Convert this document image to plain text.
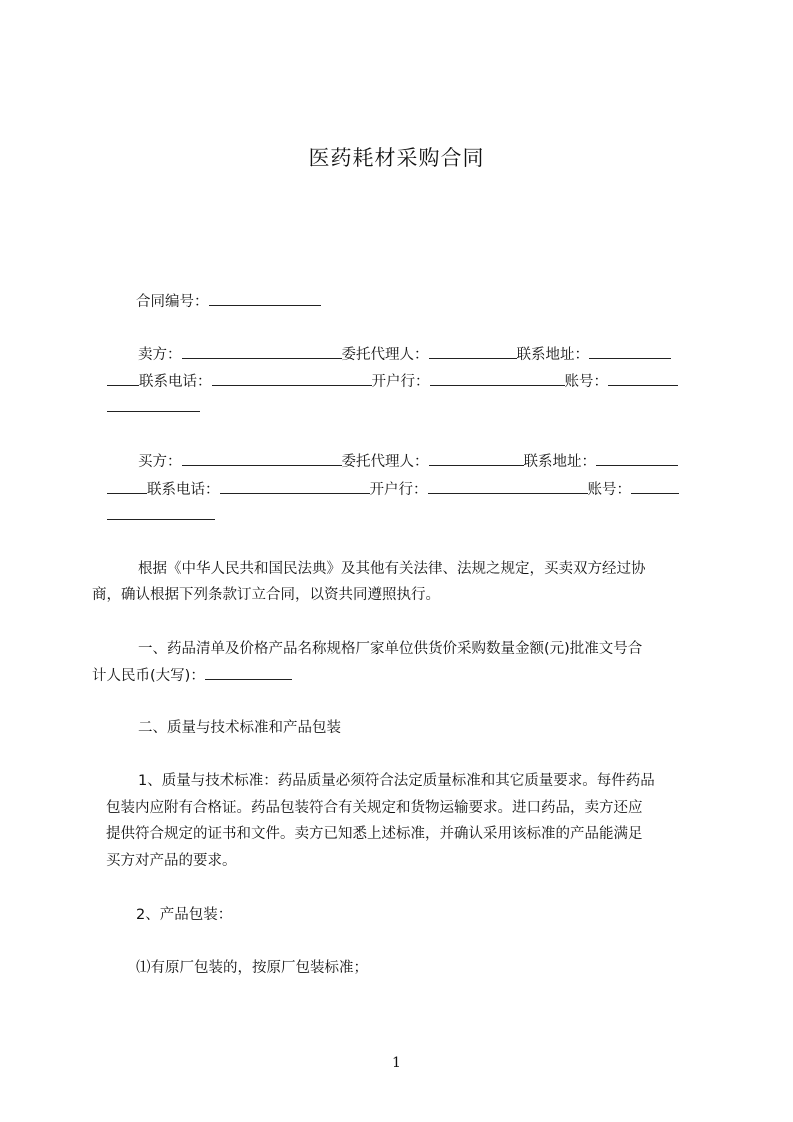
医药耗材采购合同
合同编号：
卖方：	委托代理人：	联系地址：
联系电话：	开户行：	账号：
买方：	委托代理人：	联系地址：
联系电话：	开户行：	账号：
根据《中华人民共和国民法典》及其他有关法律、法规之规定，买卖双方经过协
商，确认根据下列条款订立合同，以资共同遵照执行。
一、药品清单及价格产品名称规格厂家单位供货价采购数量金额(元)批准文号合
计人民币(大写)：
二、质量与技术标准和产品包装
1、质量与技术标准：药品质量必须符合法定质量标准和其它质量要求。每件药品
包装内应附有合格证。药品包装符合有关规定和货物运输要求。进口药品，卖方还应
提供符合规定的证书和文件。卖方已知悉上述标准，并确认采用该标准的产品能满足
买方对产品的要求。
2、产品包装：
⑴有原厂包装的，按原厂包装标准；
1
